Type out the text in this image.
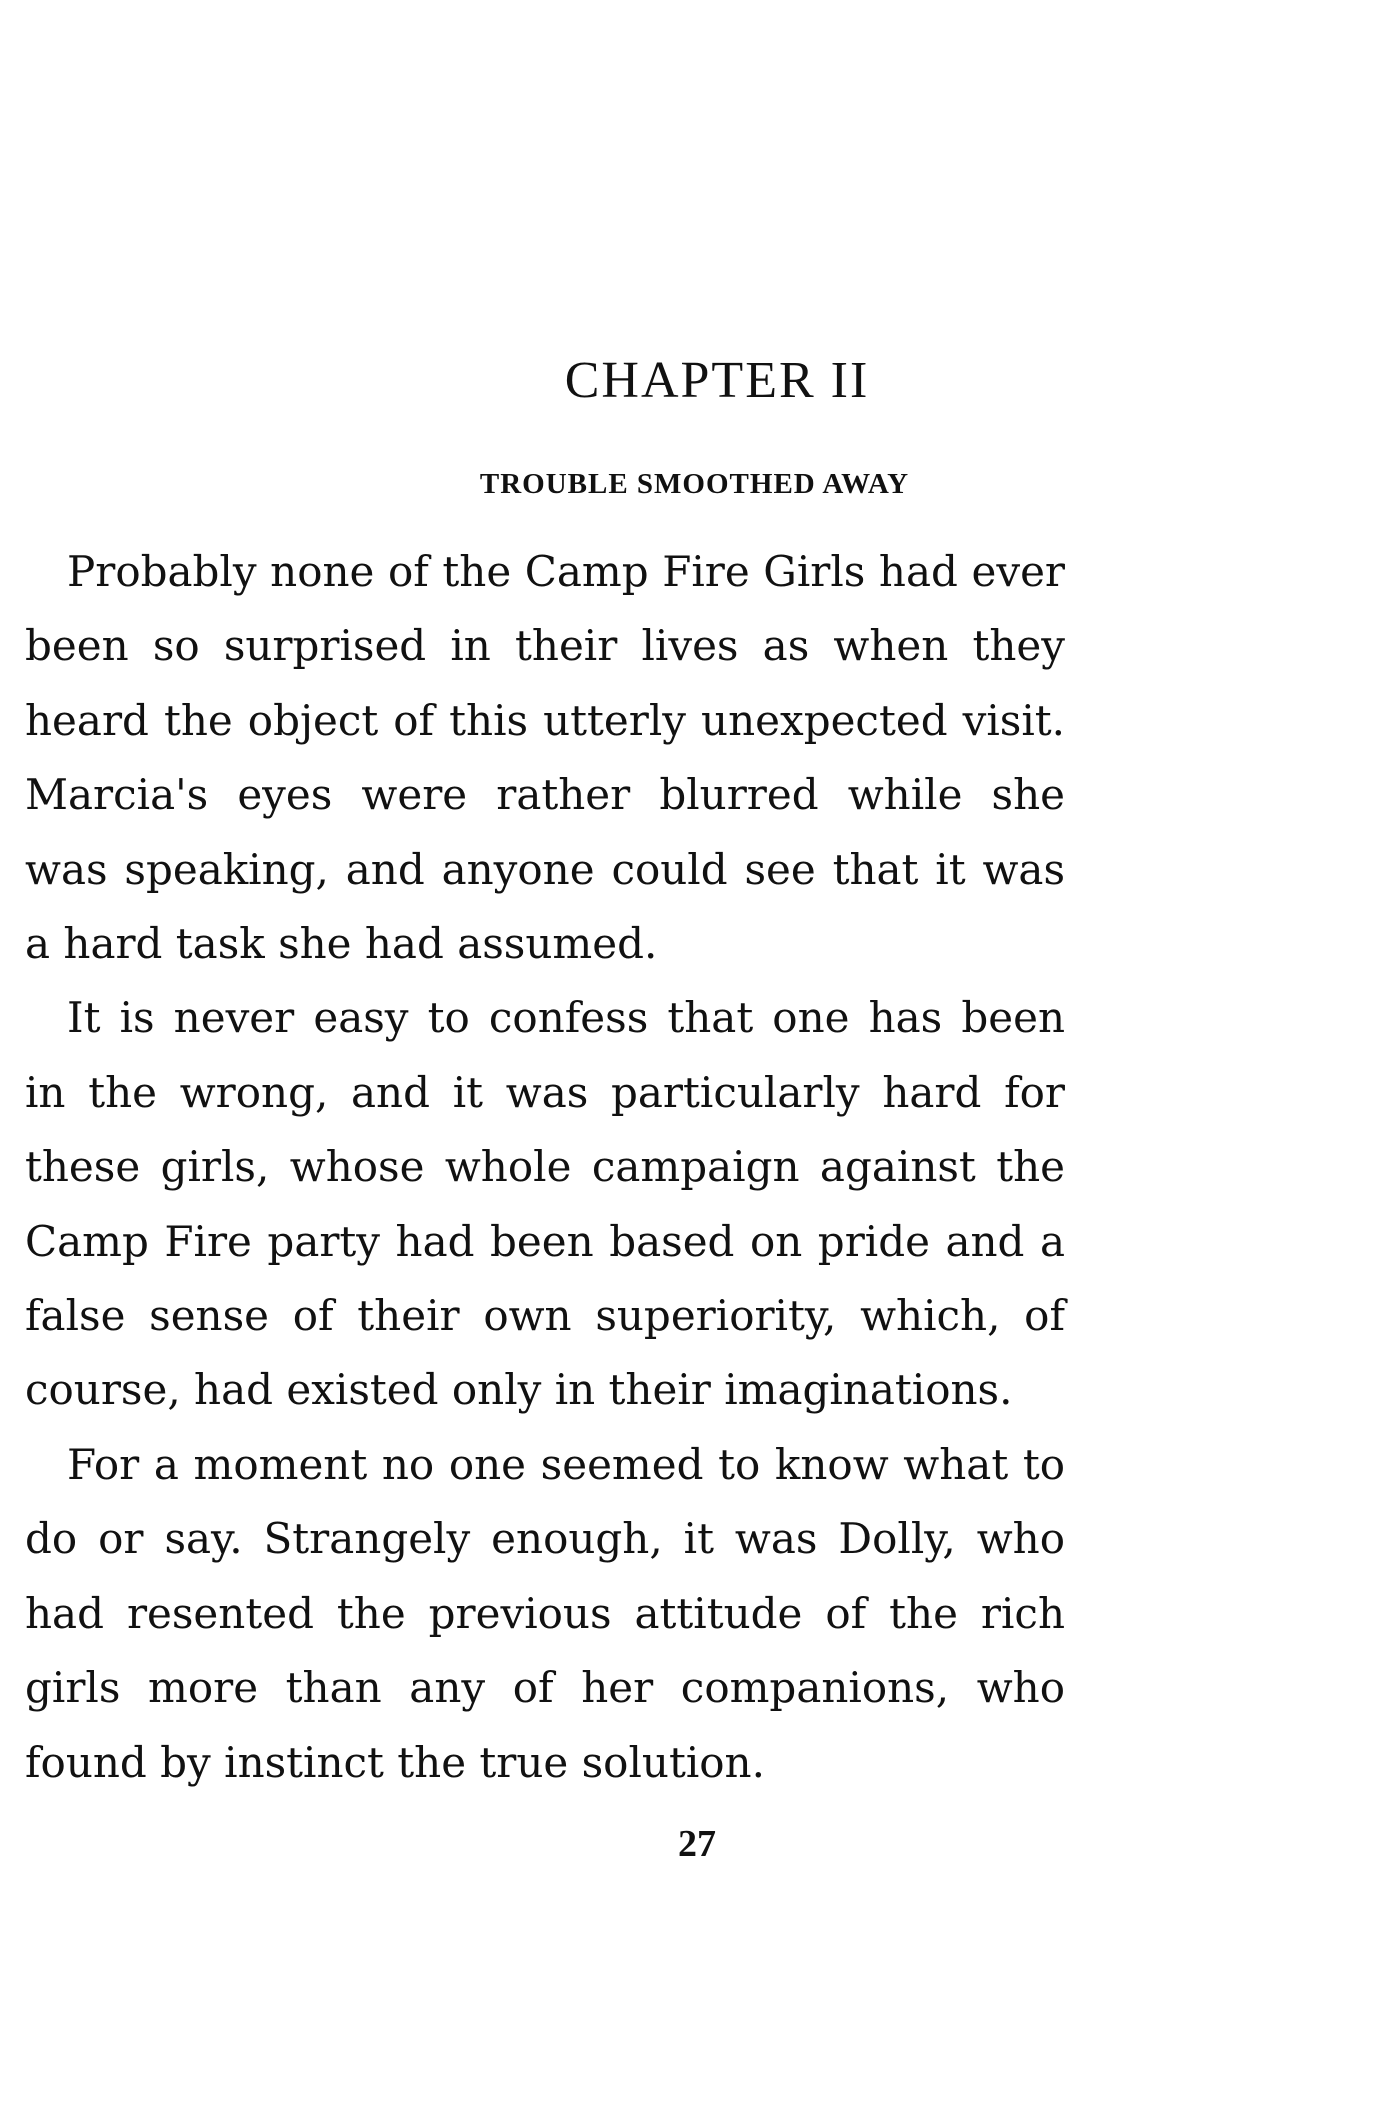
CHAPTER II
TROUBLE SMOOTHED AWAY

Probably none of the Camp Fire Girls had ever been so surprised in their lives as when they heard the object of this utterly unexpected visit. Marcia's eyes were rather blurred while she was speaking, and anyone could see that it was a hard task she had assumed.

It is never easy to confess that one has been in the wrong, and it was particularly hard for these girls, whose whole campaign against the Camp Fire party had been based on pride and a false sense of their own superiority, which, of course, had existed only in their imaginations.

For a moment no one seemed to know what to do or say. Strangely enough, it was Dolly, who had resented the previous attitude of the rich girls more than any of her companions, who found by instinct the true solution.

27
